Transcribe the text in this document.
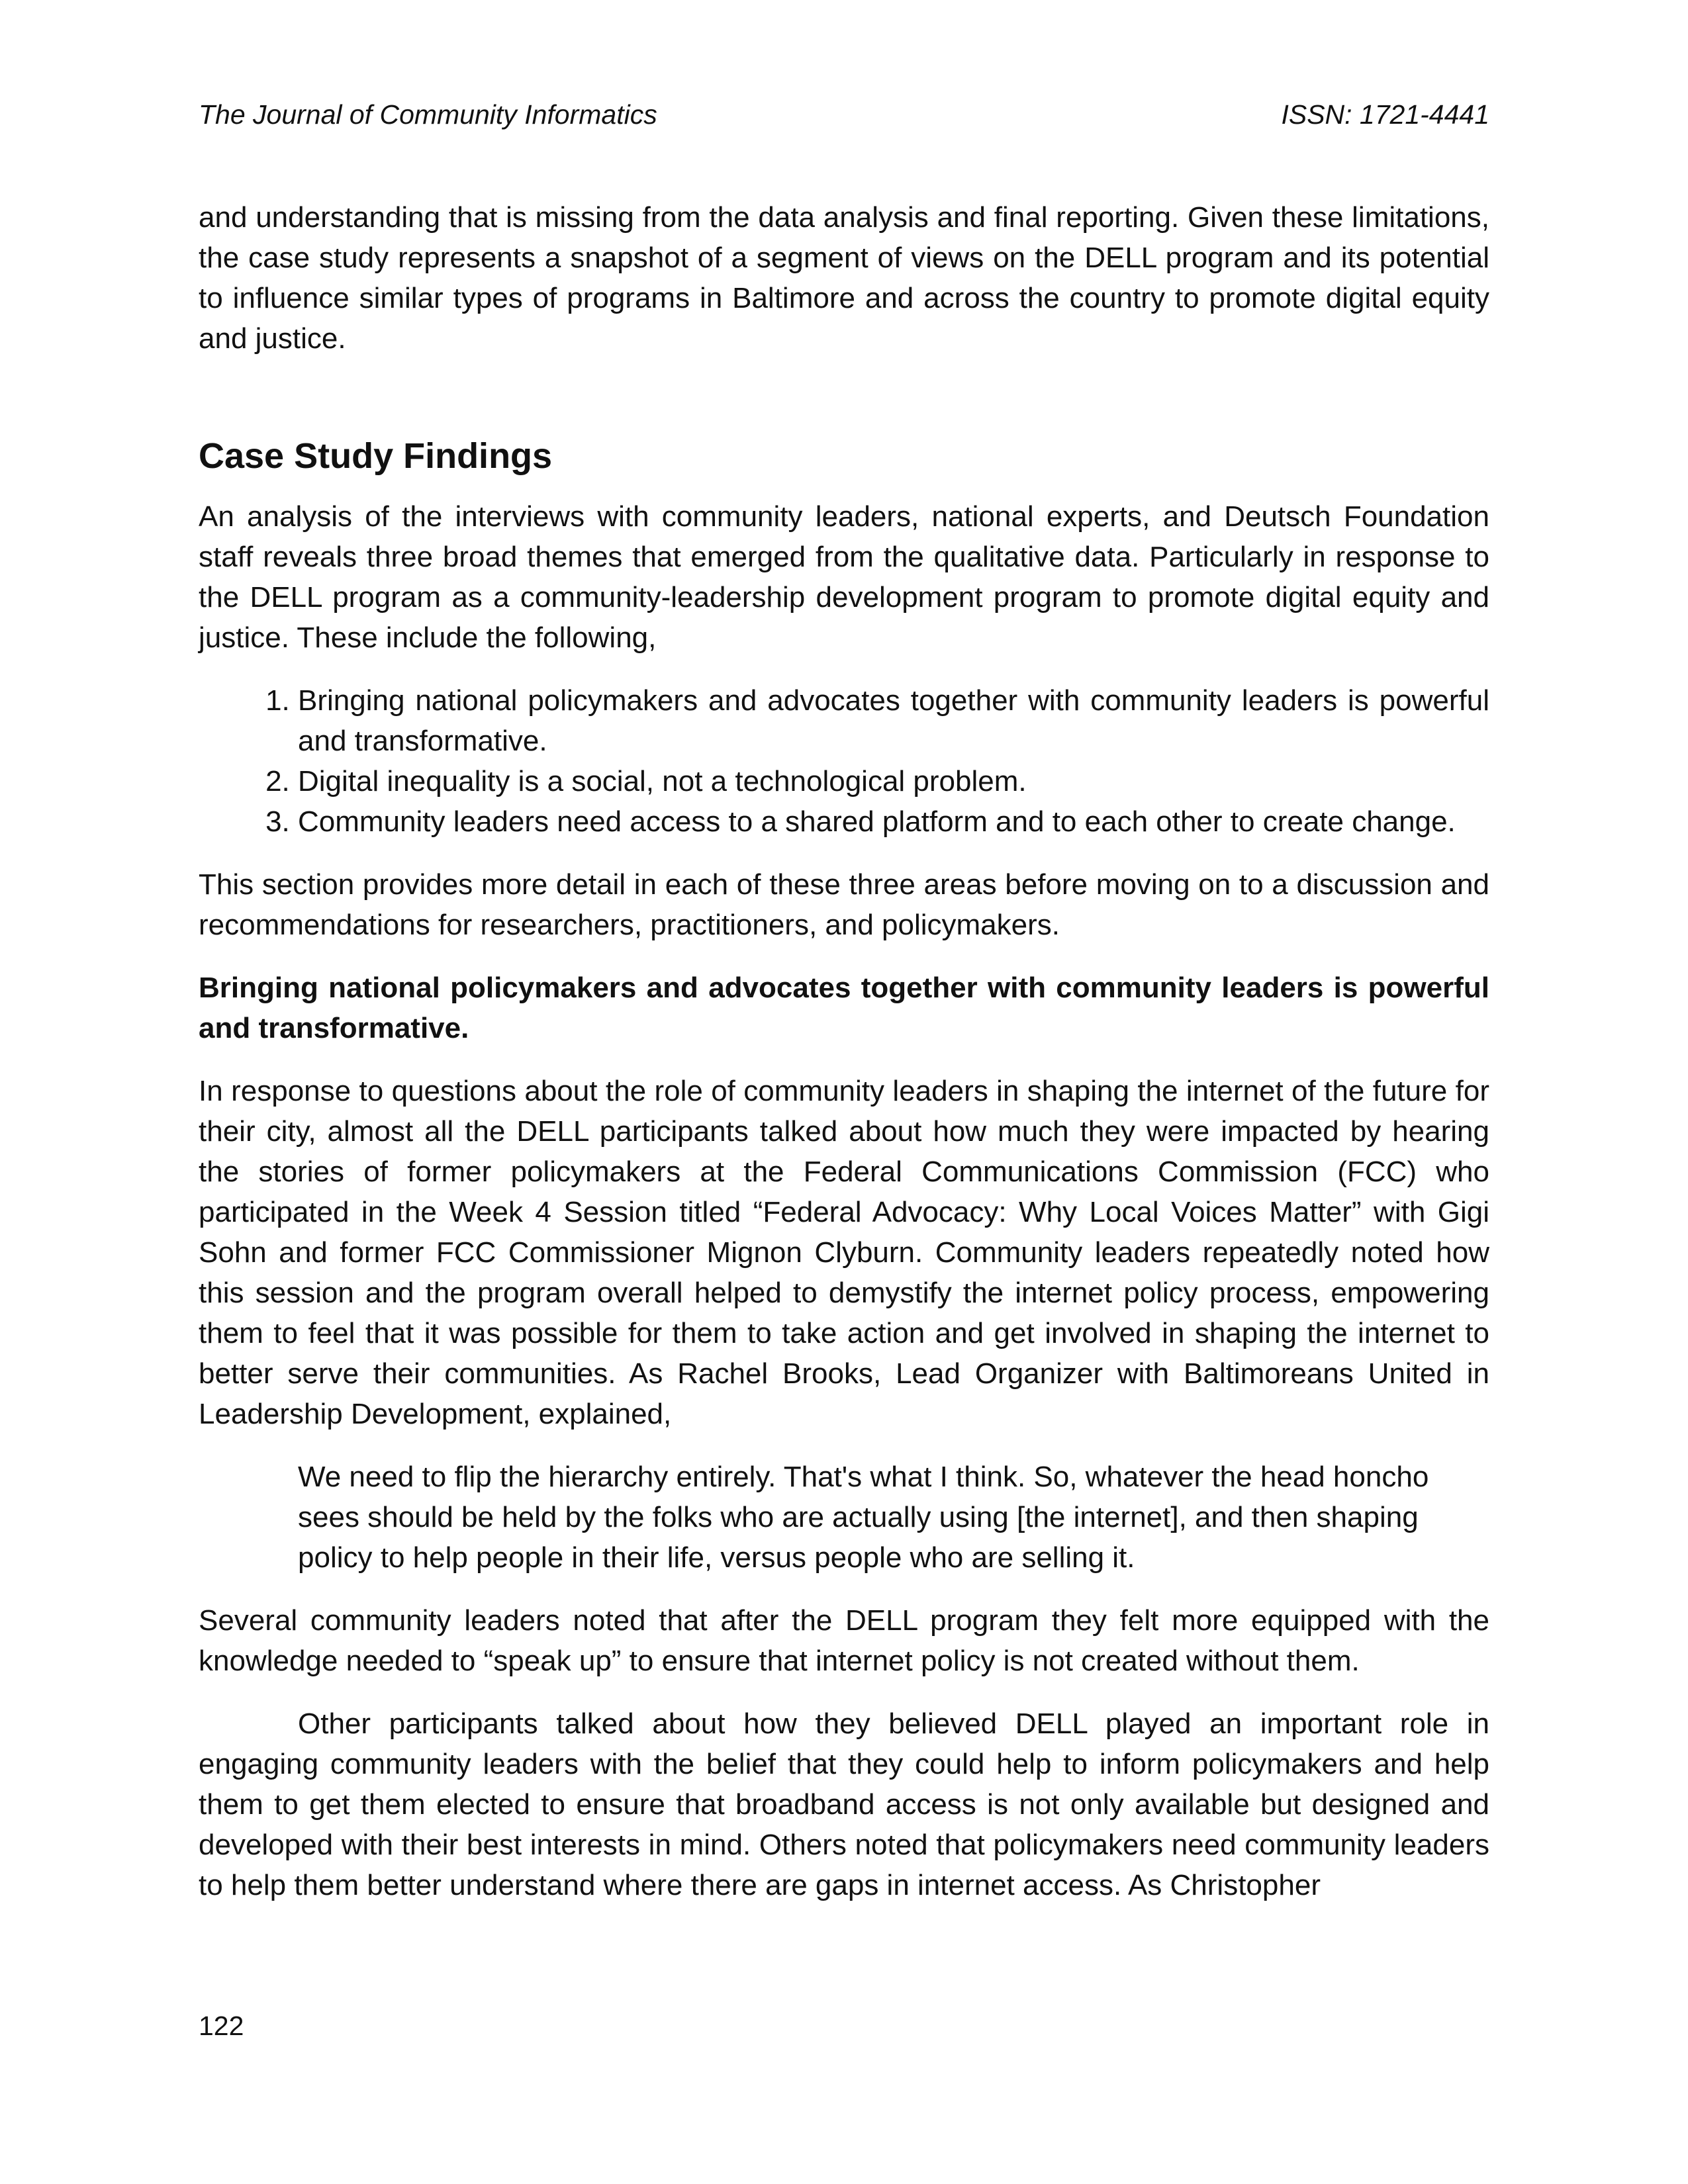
The Journal of Community Informatics	ISSN: 1721-4441

and understanding that is missing from the data analysis and final reporting. Given these limitations, the case study represents a snapshot of a segment of views on the DELL program and its potential to influence similar types of programs in Baltimore and across the country to promote digital equity and justice.

Case Study Findings

An analysis of the interviews with community leaders, national experts, and Deutsch Foundation staff reveals three broad themes that emerged from the qualitative data. Particularly in response to the DELL program as a community-leadership development program to promote digital equity and justice. These include the following,

1. Bringing national policymakers and advocates together with community leaders is powerful and transformative.
2. Digital inequality is a social, not a technological problem.
3. Community leaders need access to a shared platform and to each other to create change.

This section provides more detail in each of these three areas before moving on to a discussion and recommendations for researchers, practitioners, and policymakers.

Bringing national policymakers and advocates together with community leaders is powerful and transformative.

In response to questions about the role of community leaders in shaping the internet of the future for their city, almost all the DELL participants talked about how much they were impacted by hearing the stories of former policymakers at the Federal Communications Commission (FCC) who participated in the Week 4 Session titled “Federal Advocacy: Why Local Voices Matter” with Gigi Sohn and former FCC Commissioner Mignon Clyburn. Community leaders repeatedly noted how this session and the program overall helped to demystify the internet policy process, empowering them to feel that it was possible for them to take action and get involved in shaping the internet to better serve their communities. As Rachel Brooks, Lead Organizer with Baltimoreans United in Leadership Development, explained,

We need to flip the hierarchy entirely. That's what I think. So, whatever the head honcho sees should be held by the folks who are actually using [the internet], and then shaping policy to help people in their life, versus people who are selling it.

Several community leaders noted that after the DELL program they felt more equipped with the knowledge needed to “speak up” to ensure that internet policy is not created without them.

Other participants talked about how they believed DELL played an important role in engaging community leaders with the belief that they could help to inform policymakers and help them to get them elected to ensure that broadband access is not only available but designed and developed with their best interests in mind. Others noted that policymakers need community leaders to help them better understand where there are gaps in internet access. As Christopher

122
